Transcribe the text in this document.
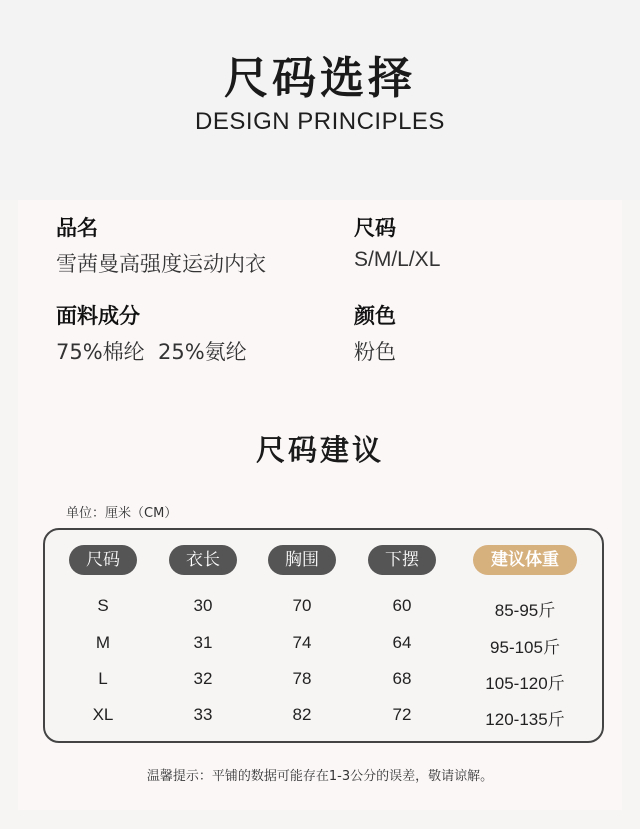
尺码选择
DESIGN PRINCIPLES
品名
雪茜曼高强度运动内衣
尺码
S/M/L/XL
面料成分
75%棉纶  25%氨纶
颜色
粉色
尺码建议
单位：厘米（CM）
尺码	衣长	胸围	下摆	建议体重
S	30	70	60	85-95斤
M	31	74	64	95-105斤
L	32	78	68	105-120斤
XL	33	82	72	120-135斤
温馨提示：平铺的数据可能存在1-3公分的误差，敬请谅解。
